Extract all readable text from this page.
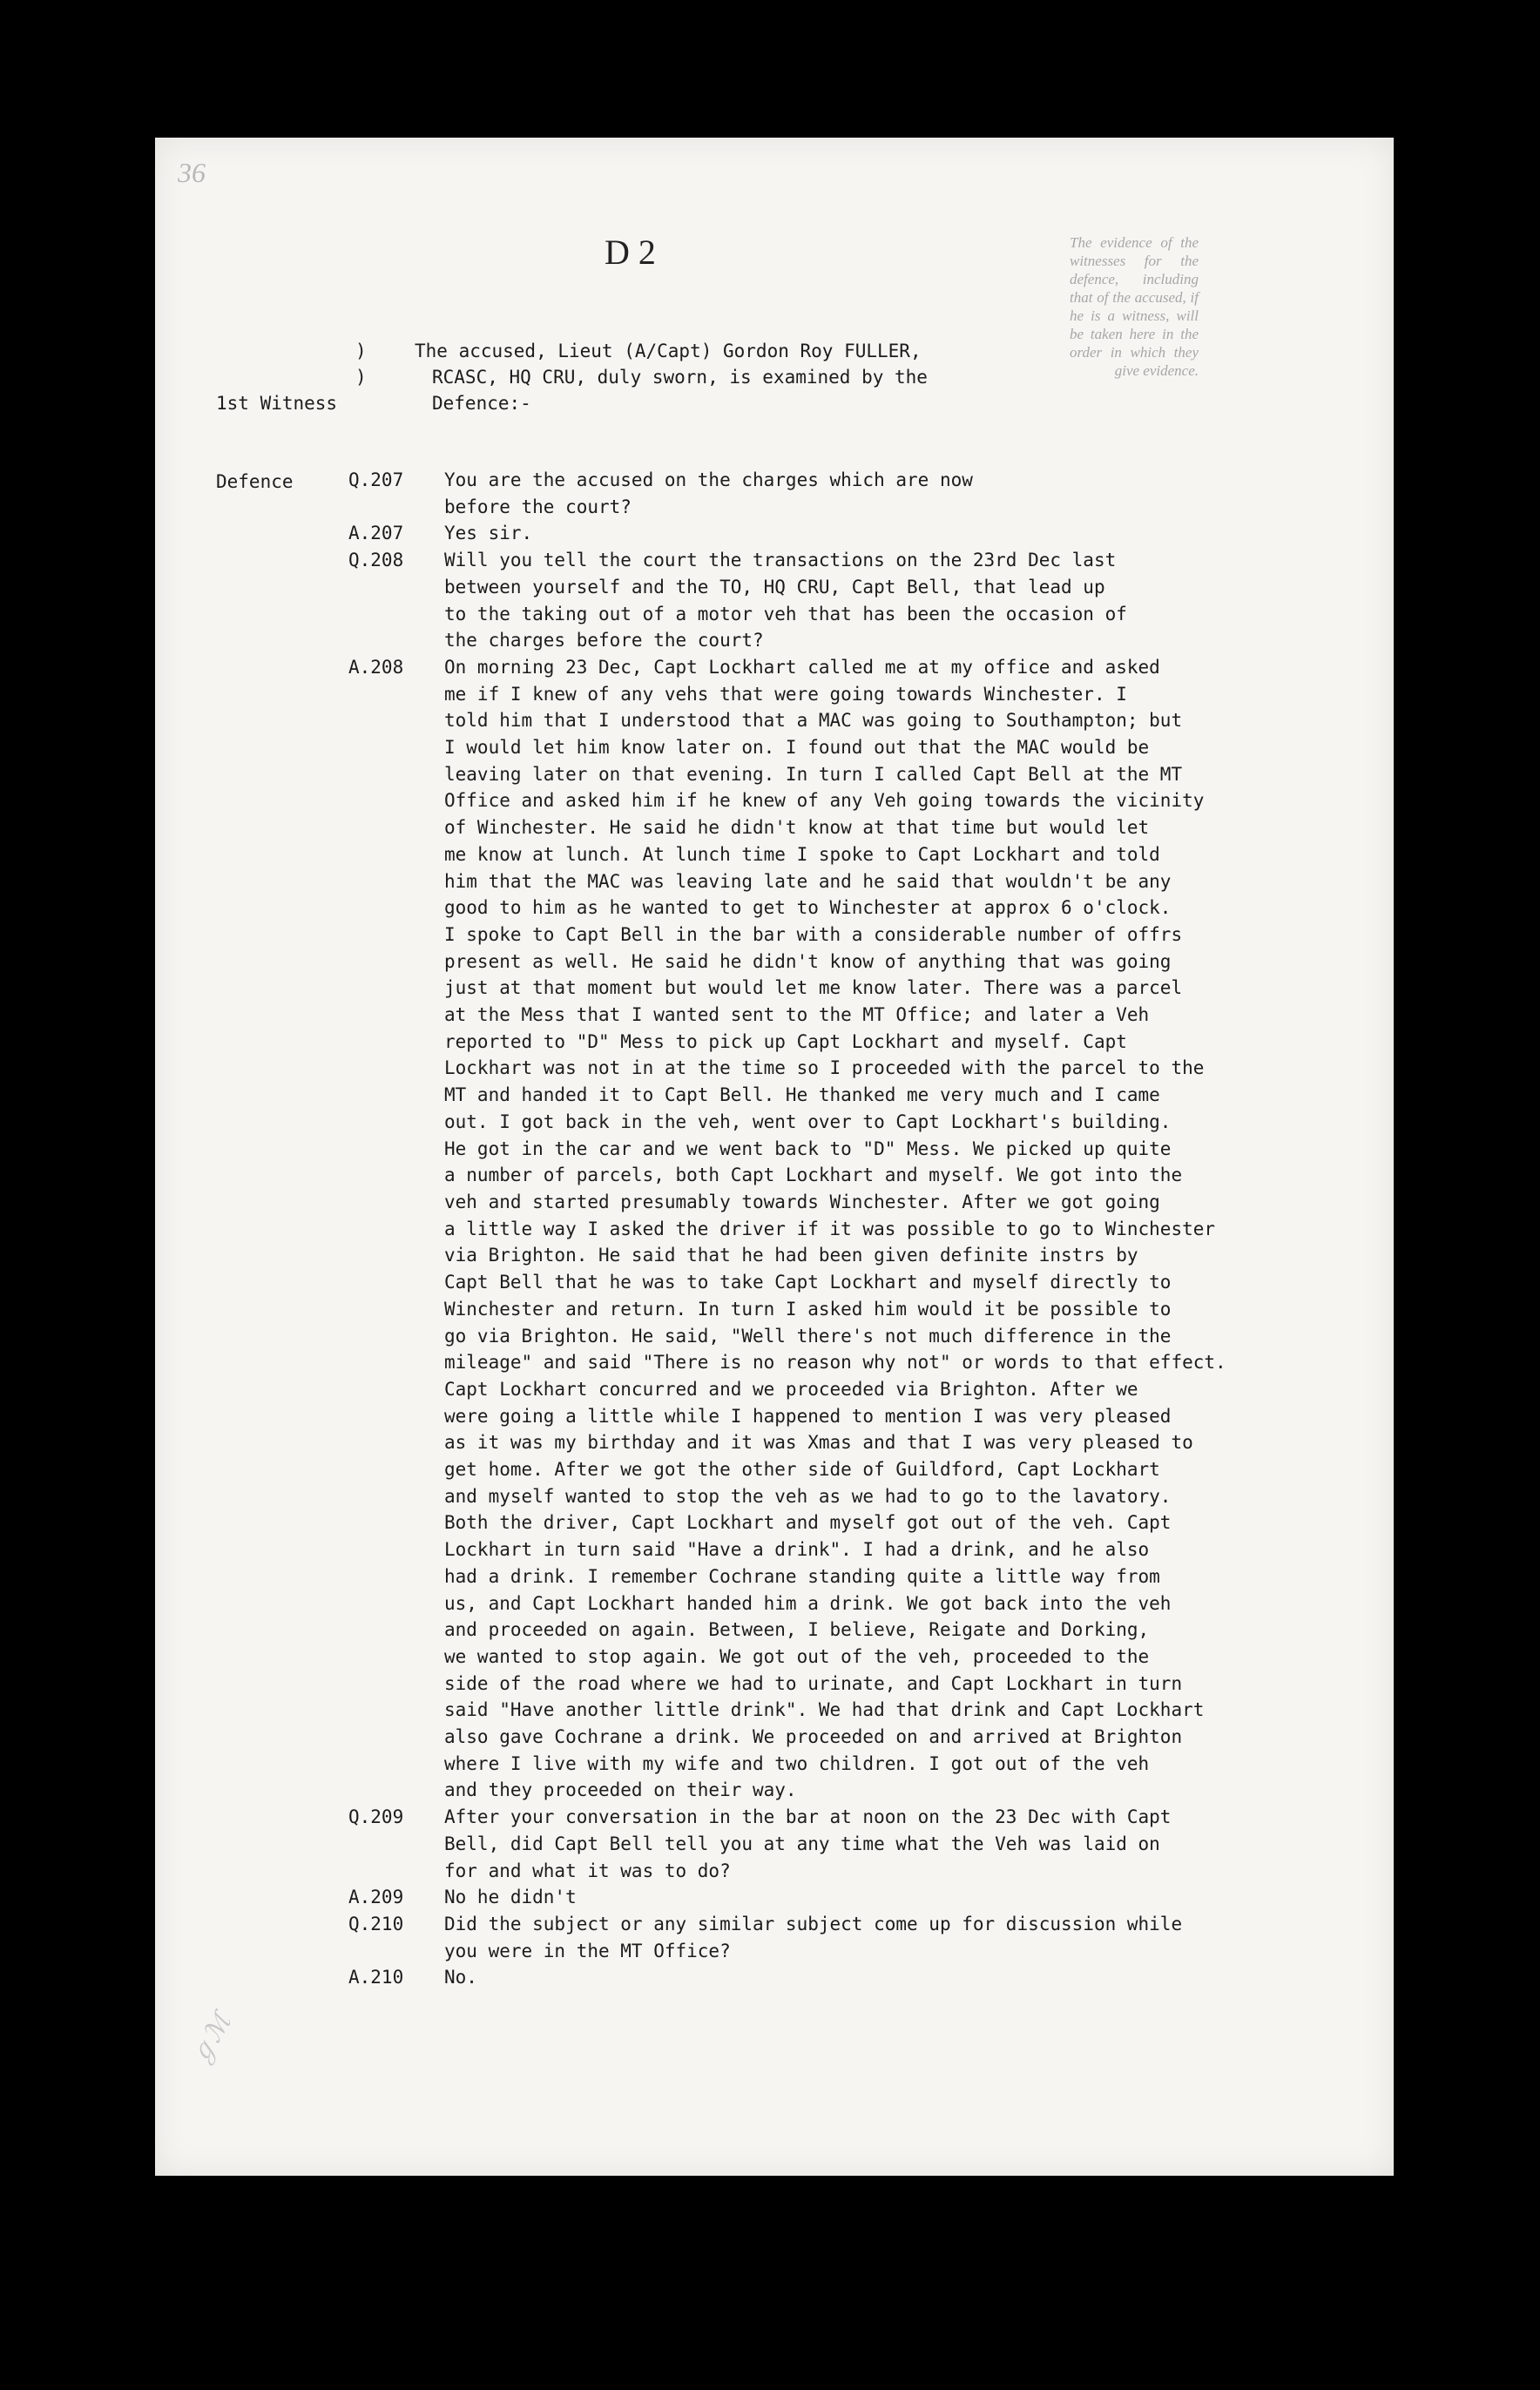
36
D 2	The evidence of the witnesses for the defence, including that of the accused, if he is a witness, will be taken here in the order in which they give evidence.

1st Witness

Defence

)
)
The accused, Lieut (A/Capt) Gordon Roy FULLER,
RCASC, HQ CRU, duly sworn, is examined by the
Defence:-
Q.207	You are the accused on the charges which are now
before the court?
A.207	Yes sir.
Q.208	Will you tell the court the transactions on the 23rd Dec last
between yourself and the TO, HQ CRU, Capt Bell, that lead up
to the taking out of a motor veh that has been the occasion of
the charges before the court?
A.208	On morning 23 Dec, Capt Lockhart called me at my office and asked
me if I knew of any vehs that were going towards Winchester. I
told him that I understood that a MAC was going to Southampton; but
I would let him know later on. I found out that the MAC would be
leaving later on that evening. In turn I called Capt Bell at the MT
Office and asked him if he knew of any Veh going towards the vicinity
of Winchester. He said he didn't know at that time but would let
me know at lunch. At lunch time I spoke to Capt Lockhart and told
him that the MAC was leaving late and he said that wouldn't be any
good to him as he wanted to get to Winchester at approx 6 o'clock.
I spoke to Capt Bell in the bar with a considerable number of offrs
present as well. He said he didn't know of anything that was going
just at that moment but would let me know later. There was a parcel
at the Mess that I wanted sent to the MT Office; and later a Veh
reported to "D" Mess to pick up Capt Lockhart and myself. Capt
Lockhart was not in at the time so I proceeded with the parcel to the
MT and handed it to Capt Bell. He thanked me very much and I came
out. I got back in the veh, went over to Capt Lockhart's building.
He got in the car and we went back to "D" Mess. We picked up quite
a number of parcels, both Capt Lockhart and myself. We got into the
veh and started presumably towards Winchester. After we got going
a little way I asked the driver if it was possible to go to Winchester
via Brighton. He said that he had been given definite instrs by
Capt Bell that he was to take Capt Lockhart and myself directly to
Winchester and return. In turn I asked him would it be possible to
go via Brighton. He said, "Well there's not much difference in the
mileage" and said "There is no reason why not" or words to that effect.
Capt Lockhart concurred and we proceeded via Brighton. After we
were going a little while I happened to mention I was very pleased
as it was my birthday and it was Xmas and that I was very pleased to
get home. After we got the other side of Guildford, Capt Lockhart
and myself wanted to stop the veh as we had to go to the lavatory.
Both the driver, Capt Lockhart and myself got out of the veh. Capt
Lockhart in turn said "Have a drink". I had a drink, and he also
had a drink. I remember Cochrane standing quite a little way from
us, and Capt Lockhart handed him a drink. We got back into the veh
and proceeded on again. Between, I believe, Reigate and Dorking,
we wanted to stop again. We got out of the veh, proceeded to the
side of the road where we had to urinate, and Capt Lockhart in turn
said "Have another little drink". We had that drink and Capt Lockhart
also gave Cochrane a drink. We proceeded on and arrived at Brighton
where I live with my wife and two children. I got out of the veh
and they proceeded on their way.
Q.209	After your conversation in the bar at noon on the 23 Dec with Capt
Bell, did Capt Bell tell you at any time what the Veh was laid on
for and what it was to do?
A.209	No he didn't
Q.210	Did the subject or any similar subject come up for discussion while
you were in the MT Office?
A.210	No.
ℊℳ
